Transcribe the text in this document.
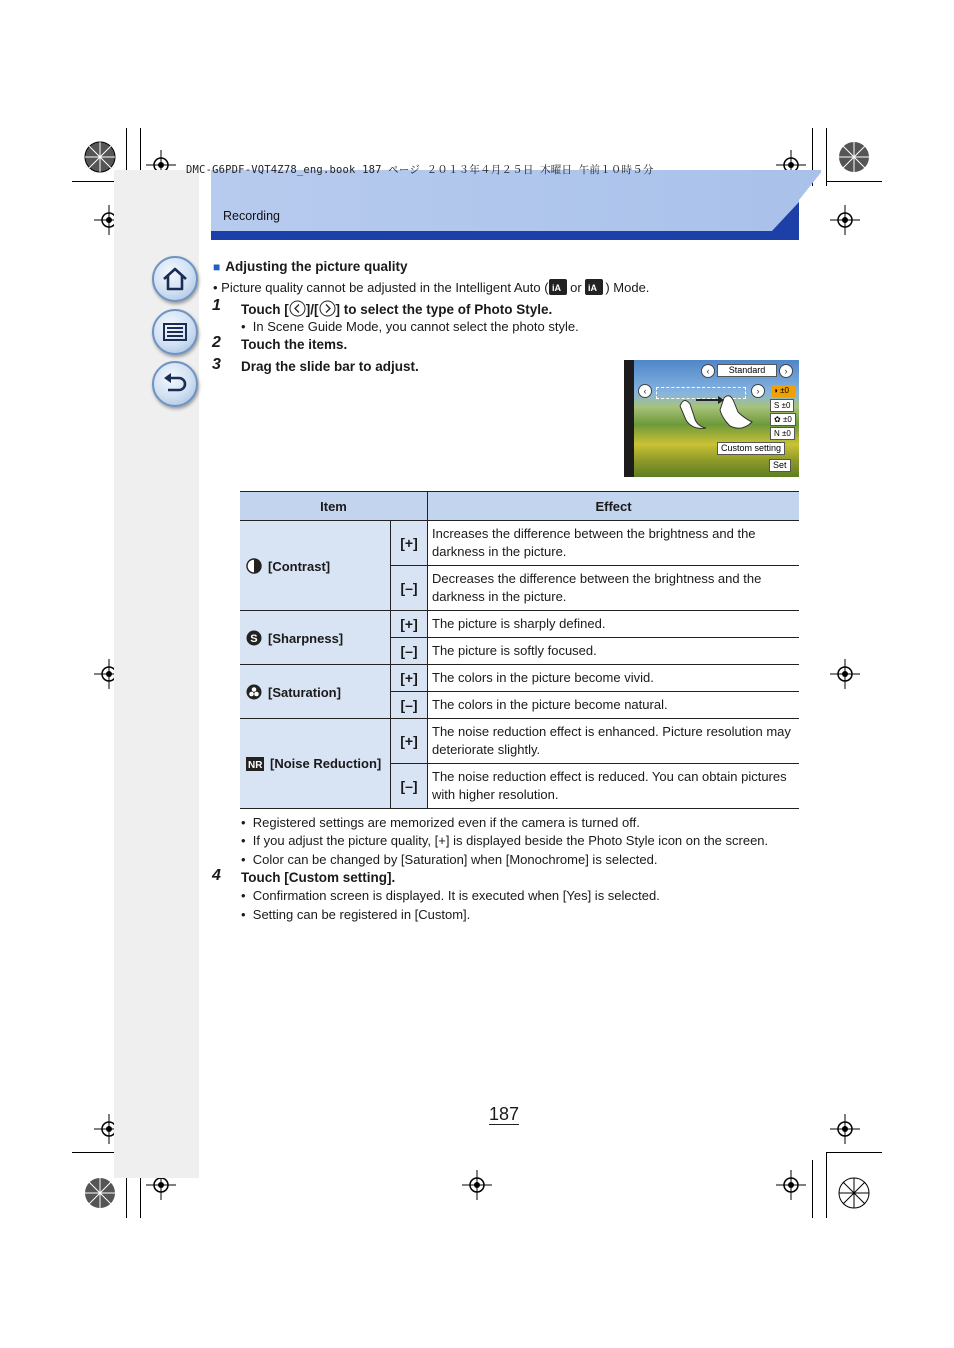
DMC-G6PDF-VQT4Z78_eng.book 187 ページ ２０１３年４月２５日 木曜日 午前１０時５分
Recording
■ Adjusting the picture quality
• Picture quality cannot be adjusted in the Intelligent Auto ( iA or iA
+ ) Mode.
1 Touch [ ]/[ ] to select the type of Photo Style.
•  In Scene Guide Mode, you cannot select the photo style.
2 Touch the items.
3 Drag the slide bar to adjust.	‹	Standard	›
‹	›	◑ ±0
S ±0
✿ ±0
N ±0
Custom setting
Set
Item		Effect
[Contrast]	[+]	Increases the difference between the brightness and the darkness in the picture.
	[–]	Decreases the difference between the brightness and the darkness in the picture.

S [Sharpness]	[+]	The picture is sharply defined.
	[–]	The picture is softly focused.
[Saturation]	[+]	The colors in the picture become vivid.
	[–]	The colors in the picture become natural.

NR [Noise Reduction]	[+]	The noise reduction effect is enhanced. Picture resolution may deteriorate slightly.
	[–]	The noise reduction effect is reduced. You can obtain pictures with higher resolution.
•  Registered settings are memorized even if the camera is turned off.
•  If you adjust the picture quality, [+] is displayed beside the Photo Style icon on the screen.
•  Color can be changed by [Saturation] when [Monochrome] is selected.
4 Touch [Custom setting].
•  Confirmation screen is displayed. It is executed when [Yes] is selected.
•  Setting can be registered in [Custom].
187
